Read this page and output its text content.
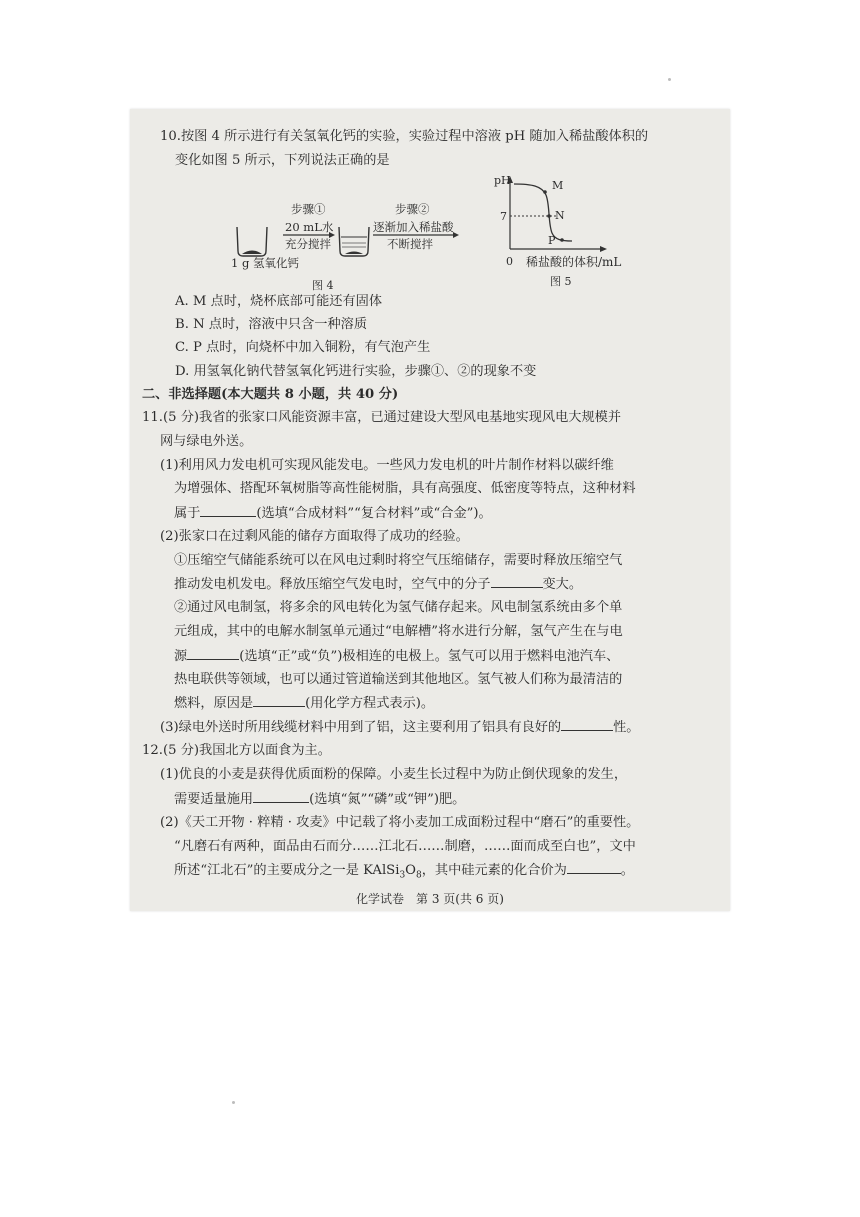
10.按图 4 所示进行有关氢氧化钙的实验，实验过程中溶液 pH 随加入稀盐酸体积的
变化如图 5 所示，下列说法正确的是
1 g 氢氧化钙
步骤①
20 mL水
充分搅拌
步骤②
逐渐加入稀盐酸
不断搅拌
图 4
pH
7
M
N
P
0 稀盐酸的体积/mL
图 5
A. M 点时，烧杯底部可能还有固体
B. N 点时，溶液中只含一种溶质
C. P 点时，向烧杯中加入铜粉，有气泡产生
D. 用氢氧化钠代替氢氧化钙进行实验，步骤①、②的现象不变
二、非选择题(本大题共 8 小题，共 40 分)
11.(5 分)我省的张家口风能资源丰富，已通过建设大型风电基地实现风电大规模并
网与绿电外送。
(1)利用风力发电机可实现风能发电。一些风力发电机的叶片制作材料以碳纤维
为增强体、搭配环氧树脂等高性能树脂，具有高强度、低密度等特点，这种材料
属于	(选填“合成材料”“复合材料”或“合金”)。
(2)张家口在过剩风能的储存方面取得了成功的经验。
①压缩空气储能系统可以在风电过剩时将空气压缩储存，需要时释放压缩空气
推动发电机发电。释放压缩空气发电时，空气中的分子	变大。
②通过风电制氢，将多余的风电转化为氢气储存起来。风电制氢系统由多个单
元组成，其中的电解水制氢单元通过“电解槽”将水进行分解，氢气产生在与电
源	(选填“正”或“负”)极相连的电极上。氢气可以用于燃料电池汽车、
热电联供等领域，也可以通过管道输送到其他地区。氢气被人们称为最清洁的
燃料，原因是	(用化学方程式表示)。
(3)绿电外送时所用线缆材料中用到了铝，这主要利用了铝具有良好的	性。
12.(5 分)我国北方以面食为主。
(1)优良的小麦是获得优质面粉的保障。小麦生长过程中为防止倒伏现象的发生，
需要适量施用	(选填“氮”“磷”或“钾”)肥。
(2)《天工开物 · 粹精 · 攻麦》中记载了将小麦加工成面粉过程中“磨石”的重要性。
“凡磨石有两种，面品由石而分……江北石……制磨，……面而成至白也”，文中
所述“江北石”的主要成分之一是 $KAlSi_3O_8$，其中硅元素的化合价为	。
化学试卷　第 3 页(共 6 页)
